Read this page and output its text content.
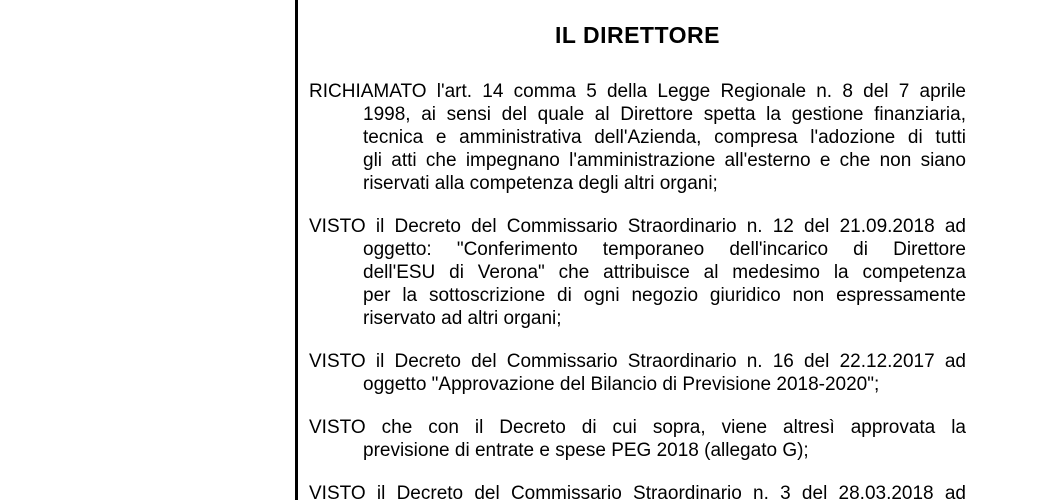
IL DIRETTORE
RICHIAMATO l'art. 14 comma 5 della Legge Regionale n. 8 del 7 aprile
1998, ai sensi del quale al Direttore spetta la gestione finanziaria,
tecnica e amministrativa dell'Azienda, compresa l'adozione di tutti
gli atti che impegnano l'amministrazione all'esterno e che non siano
riservati alla competenza degli altri organi;
VISTO il Decreto del Commissario Straordinario n. 12 del 21.09.2018 ad
oggetto: "Conferimento temporaneo dell'incarico di Direttore
dell'ESU di Verona" che attribuisce al medesimo la competenza
per la sottoscrizione di ogni negozio giuridico non espressamente
riservato ad altri organi;
VISTO il Decreto del Commissario Straordinario n. 16 del 22.12.2017 ad
oggetto "Approvazione del Bilancio di Previsione 2018-2020";
VISTO che con il Decreto di cui sopra, viene altresì approvata la
previsione di entrate e spese PEG 2018 (allegato G);
VISTO il Decreto del Commissario Straordinario n. 3 del 28.03.2018 ad
